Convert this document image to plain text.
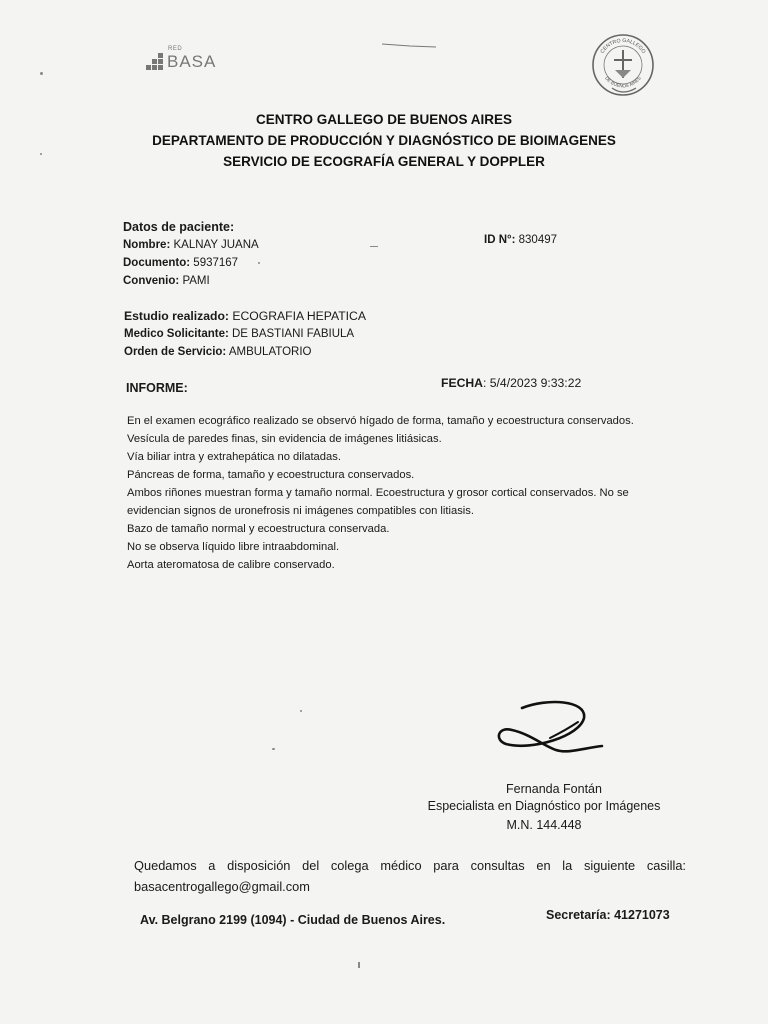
RED
BASA
CENTRO GALLEGO
DE BUENOS AIRES
CENTRO GALLEGO DE BUENOS AIRES
DEPARTAMENTO DE PRODUCCIÓN Y DIAGNÓSTICO DE BIOIMAGENES
SERVICIO DE ECOGRAFÍA GENERAL Y DOPPLER
Datos de paciente:
Nombre: KALNAY JUANA
Documento: 5937167
Convenio: PAMI
ID N°: 830497
Estudio realizado: ECOGRAFIA HEPATICA
Medico Solicitante: DE BASTIANI FABIULA
Orden de Servicio: AMBULATORIO
INFORME:	FECHA: 5/4/2023 9:33:22

En el examen ecográfico realizado se observó hígado de forma, tamaño y ecoestructura conservados.

Vesícula de paredes finas, sin evidencia de imágenes litiásicas.

Vía biliar intra y extrahepática no dilatadas.

Páncreas de forma, tamaño y ecoestructura conservados.

Ambos riñones muestran forma y tamaño normal. Ecoestructura y grosor cortical conservados. No se evidencian signos de uronefrosis ni imágenes compatibles con litiasis.

Bazo de tamaño normal y ecoestructura conservada.

No se observa líquido libre intraabdominal.

Aorta ateromatosa de calibre conservado.

Fernanda Fontán
Especialista en Diagnóstico por Imágenes
M.N. 144.448
Quedamos a disposición del colega médico para consultas en la siguiente casilla:
basacentrogallego@gmail.com
Av. Belgrano 2199 (1094) - Ciudad de Buenos Aires.	Secretaría: 41271073
